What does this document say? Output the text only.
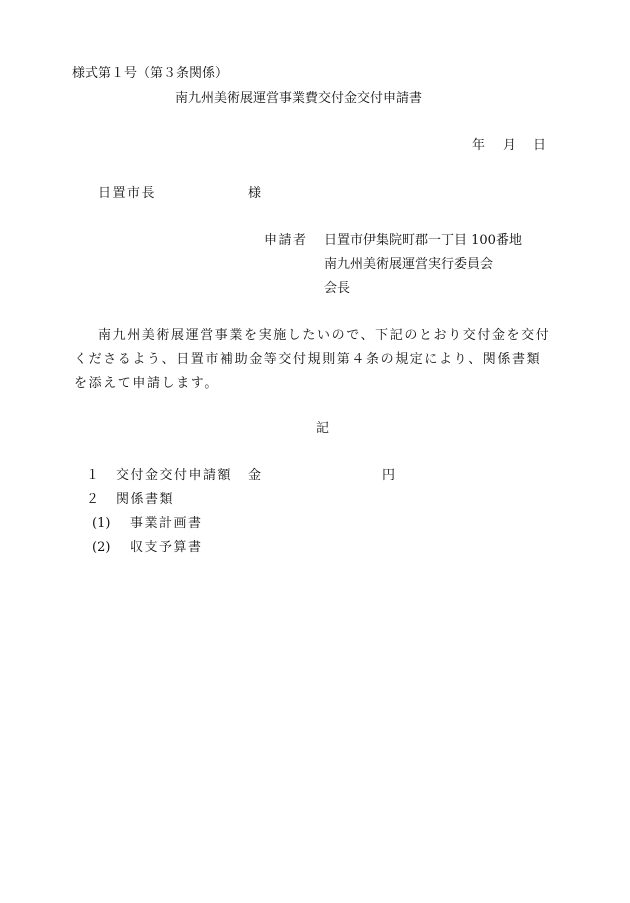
様式第１号（第３条関係）
南九州美術展運営事業費交付金交付申請書
年 月 日
日置市長	様
申請者 日置市伊集院町郡一丁目 100番地
南九州美術展運営実行委員会
会長
南九州美術展運営事業を実施したいので、下記のとおり交付金を交付
くださるよう、日置市補助金等交付規則第４条の規定により、関係書類
を添えて申請します。
記
１ 交付金交付申請額 金	円
２ 関係書類
(1) 事業計画書
(2) 収支予算書
